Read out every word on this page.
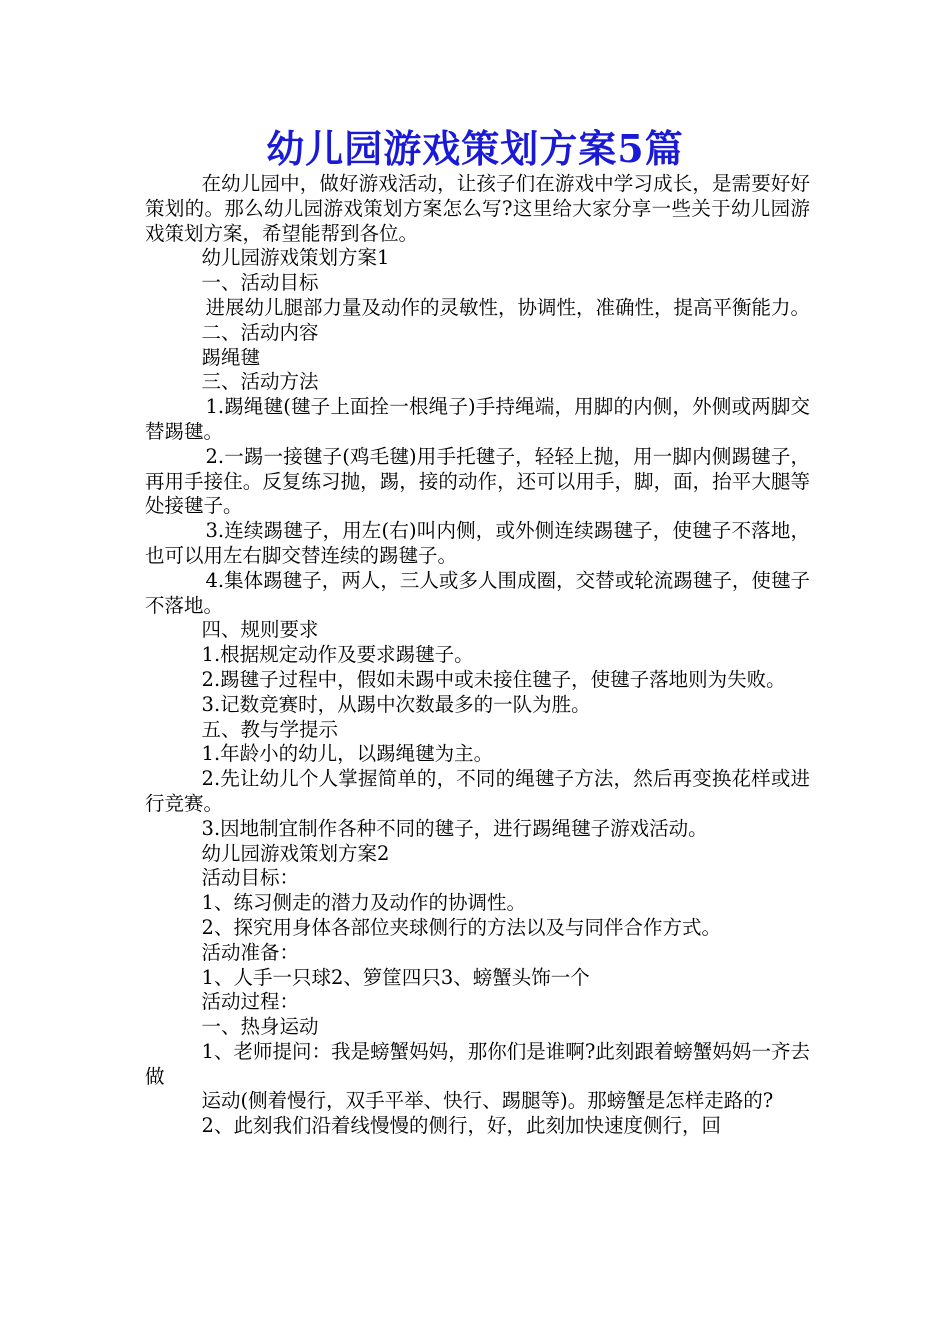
幼儿园游戏策划方案5篇

在幼儿园中，做好游戏活动，让孩子们在游戏中学习成长，是需要好好策划的。那么幼儿园游戏策划方案怎么写?这里给大家分享一些关于幼儿园游戏策划方案，希望能帮到各位。

幼儿园游戏策划方案1

一、活动目标

进展幼儿腿部力量及动作的灵敏性，协调性，准确性，提高平衡能力。

二、活动内容

踢绳毽

三、活动方法

1.踢绳毽(毽子上面拴一根绳子)手持绳端，用脚的内侧，外侧或两脚交替踢毽。

2.一踢一接毽子(鸡毛毽)用手托毽子，轻轻上抛，用一脚内侧踢毽子，再用手接住。反复练习抛，踢，接的动作，还可以用手，脚，面，抬平大腿等处接毽子。

3.连续踢毽子，用左(右)叫内侧，或外侧连续踢毽子，使毽子不落地，也可以用左右脚交替连续的踢毽子。

4.集体踢毽子，两人，三人或多人围成圈，交替或轮流踢毽子，使毽子不落地。

四、规则要求

1.根据规定动作及要求踢毽子。

2.踢毽子过程中，假如未踢中或未接住毽子，使毽子落地则为失败。

3.记数竞赛时，从踢中次数最多的一队为胜。

五、教与学提示

1.年龄小的幼儿，以踢绳毽为主。

2.先让幼儿个人掌握简单的，不同的绳毽子方法，然后再变换花样或进行竞赛。

3.因地制宜制作各种不同的毽子，进行踢绳毽子游戏活动。

幼儿园游戏策划方案2

活动目标：

1、练习侧走的潜力及动作的协调性。

2、探究用身体各部位夹球侧行的方法以及与同伴合作方式。

活动准备：

1、人手一只球2、箩筐四只3、螃蟹头饰一个

活动过程：

一、热身运动

1、老师提问：我是螃蟹妈妈，那你们是谁啊?此刻跟着螃蟹妈妈一齐去做

运动(侧着慢行，双手平举、快行、踢腿等)。那螃蟹是怎样走路的?

2、此刻我们沿着线慢慢的侧行，好，此刻加快速度侧行，回
